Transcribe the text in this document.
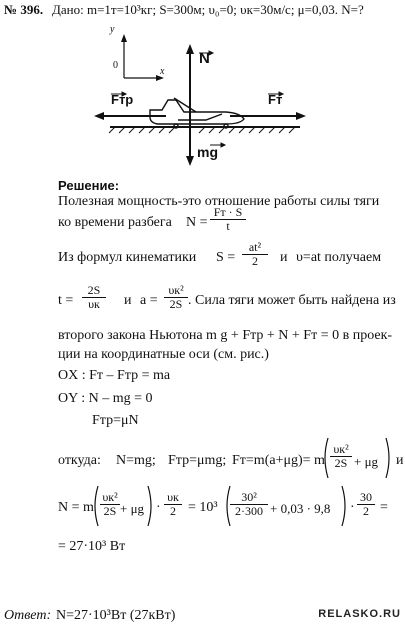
№ 396. Дано: m=1т=10³кг; S=300м; υ₀=0; υк=30м/с; μ=0,03. N=?
y
x
0	N
Fтр	Fт
mg
Решение:
Полезная мощность-это отношение работы силы тяги
ко времени разбега N =
Fт · S
t
Из формул кинематики $S = \frac{\text{at²}}{2}$ и υ=at получаем
t =
2S
υк	и a =
υк²
2S . Сила тяги может быть найдена из
второго закона Ньютона m g + Fтр + N + Fт = 0 в проек-
ции на координатные оси (см. рис.)
OX : Fт – Fтр = ma
OY : N – mg = 0
Fтр=μN
откуда: N=mg; Fтр=μmg; Fт=m(a+μg)= m
υк²
2S + μg и
N = m
υк²
2S + μg ·
υк
$2 = 10^3 \frac{\text{30²}}{2\cdot 300} + 0,03 \cdot 9,8 \cdot \frac{30}{2}$ =
= 27·10³ Вт
Ответ: N=27·10³Вт (27кВт)	RELASKO.RU
